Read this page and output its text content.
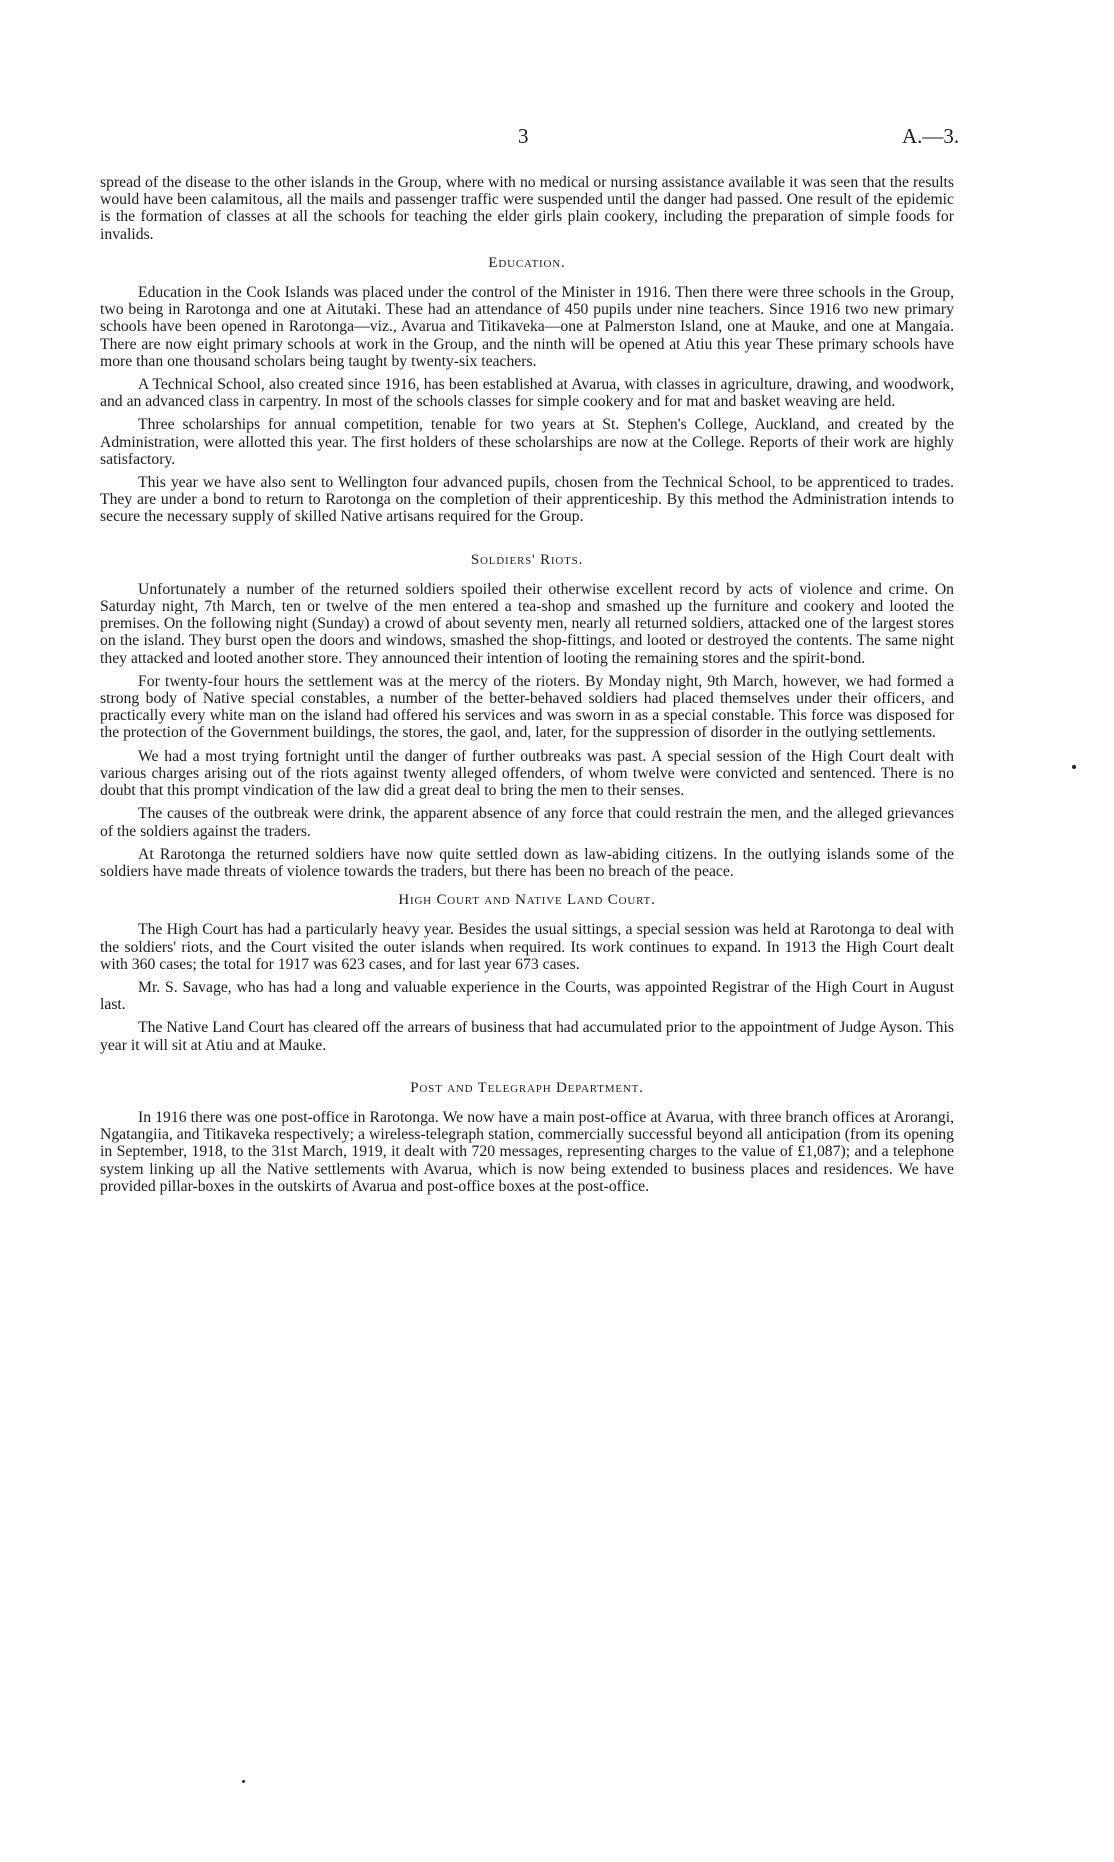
3	A.—3.

spread of the disease to the other islands in the Group, where with no medical or nursing assistance available it was seen that the results would have been calamitous, all the mails and passenger traffic were suspended until the danger had passed. One result of the epidemic is the formation of classes at all the schools for teaching the elder girls plain cookery, including the preparation of simple foods for invalids.

Education.

Education in the Cook Islands was placed under the control of the Minister in 1916. Then there were three schools in the Group, two being in Rarotonga and one at Aitutaki. These had an attendance of 450 pupils under nine teachers. Since 1916 two new primary schools have been opened in Rarotonga—viz., Avarua and Titikaveka—one at Palmerston Island, one at Mauke, and one at Mangaia. There are now eight primary schools at work in the Group, and the ninth will be opened at Atiu this year These primary schools have more than one thousand scholars being taught by twenty-six teachers.

A Technical School, also created since 1916, has been established at Avarua, with classes in agriculture, drawing, and woodwork, and an advanced class in carpentry. In most of the schools classes for simple cookery and for mat and basket weaving are held.

Three scholarships for annual competition, tenable for two years at St. Stephen's College, Auckland, and created by the Administration, were allotted this year. The first holders of these scholarships are now at the College. Reports of their work are highly satisfactory.

This year we have also sent to Wellington four advanced pupils, chosen from the Technical School, to be apprenticed to trades. They are under a bond to return to Rarotonga on the completion of their apprenticeship. By this method the Administration intends to secure the necessary supply of skilled Native artisans required for the Group.

Soldiers' Riots.

Unfortunately a number of the returned soldiers spoiled their otherwise excellent record by acts of violence and crime. On Saturday night, 7th March, ten or twelve of the men entered a tea-shop and smashed up the furniture and cookery and looted the premises. On the following night (Sunday) a crowd of about seventy men, nearly all returned soldiers, attacked one of the largest stores on the island. They burst open the doors and windows, smashed the shop-fittings, and looted or destroyed the contents. The same night they attacked and looted another store. They announced their intention of looting the remaining stores and the spirit-bond.

For twenty-four hours the settlement was at the mercy of the rioters. By Monday night, 9th March, however, we had formed a strong body of Native special constables, a number of the better-behaved soldiers had placed themselves under their officers, and practically every white man on the island had offered his services and was sworn in as a special constable. This force was disposed for the protection of the Government buildings, the stores, the gaol, and, later, for the suppression of disorder in the outlying settlements.

We had a most trying fortnight until the danger of further outbreaks was past. A special session of the High Court dealt with various charges arising out of the riots against twenty alleged offenders, of whom twelve were convicted and sentenced. There is no doubt that this prompt vindication of the law did a great deal to bring the men to their senses.

The causes of the outbreak were drink, the apparent absence of any force that could restrain the men, and the alleged grievances of the soldiers against the traders.

At Rarotonga the returned soldiers have now quite settled down as law-abiding citizens. In the outlying islands some of the soldiers have made threats of violence towards the traders, but there has been no breach of the peace.

High Court and Native Land Court.

The High Court has had a particularly heavy year. Besides the usual sittings, a special session was held at Rarotonga to deal with the soldiers' riots, and the Court visited the outer islands when required. Its work continues to expand. In 1913 the High Court dealt with 360 cases; the total for 1917 was 623 cases, and for last year 673 cases.

Mr. S. Savage, who has had a long and valuable experience in the Courts, was appointed Registrar of the High Court in August last.

The Native Land Court has cleared off the arrears of business that had accumulated prior to the appointment of Judge Ayson. This year it will sit at Atiu and at Mauke.

Post and Telegraph Department.

In 1916 there was one post-office in Rarotonga. We now have a main post-office at Avarua, with three branch offices at Arorangi, Ngatangiia, and Titikaveka respectively; a wireless-telegraph station, commercially successful beyond all anticipation (from its opening in September, 1918, to the 31st March, 1919, it dealt with 720 messages, representing charges to the value of £1,087); and a telephone system linking up all the Native settlements with Avarua, which is now being extended to business places and residences. We have provided pillar-boxes in the outskirts of Avarua and post-office boxes at the post-office.
